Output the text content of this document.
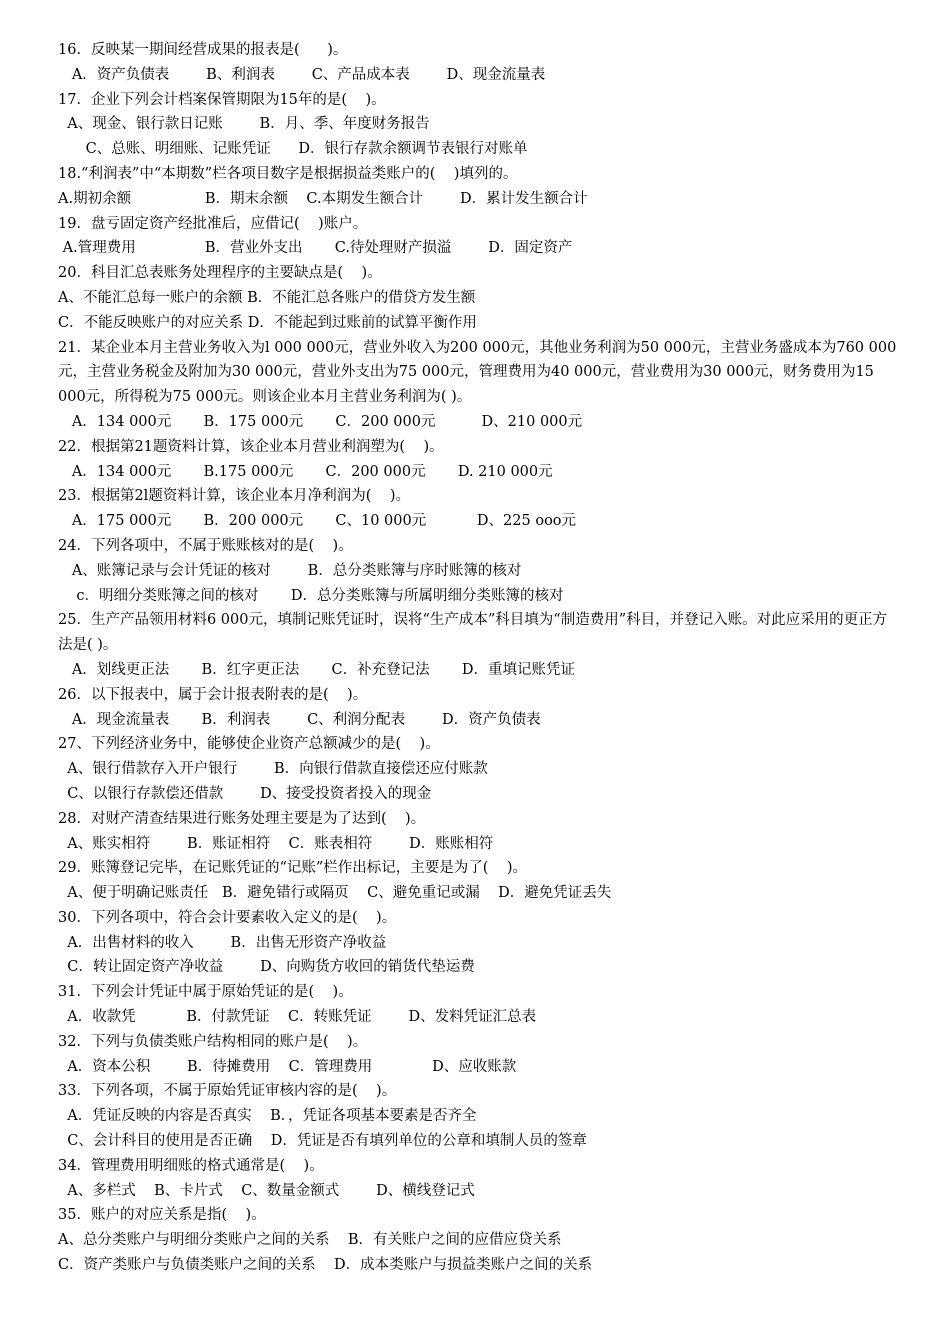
16．反映某一期间经营成果的报表是(      )。
A．资产负债表        B、利润表        C、产品成本表        D、现金流量表
17．企业下列会计档案保管期限为15年的是(    )。
A、现金、银行款日记账        B．月、季、年度财务报告
C、总账、明细账、记账凭证      D．银行存款余额调节表银行对账单
18.“利润表”中“本期数”栏各项目数字是根据损益类账户的(    )填列的。
A.期初余额                B．期末余额    C.本期发生额合计        D．累计发生额合计
19．盘亏固定资产经批准后，应借记(    )账户。
A.管理费用               B．营业外支出       C.待处理财产损溢        D．固定资产
20．科目汇总表账务处理程序的主要缺点是(    )。
A、不能汇总每一账户的余额 B．不能汇总各账户的借贷方发生额
C．不能反映账户的对应关系 D．不能起到过账前的试算平衡作用
21．某企业本月主营业务收入为l 000 000元，营业外收入为200 000元，其他业务利润为50 000元，主营业务盛成本为760 000元，主营业务税金及附加为30 000元，营业外支出为75 000元，管理费用为40 000元，营业费用为30 000元，财务费用为15 000元，所得税为75 000元。则该企业本月主营业务利润为( )。
A．134 000元       B．175 000元       C．200 000元          D、210 000元
22．根据第21题资料计算，该企业本月营业利润塑为(    )。
A．134 000元       B.175 000元       C．200 000元       D. 210 000元
23．根据第2l题资料计算，该企业本月净利润为(    )。
A．175 000元       B．200 000元       C、10 000元           D、225 ooo元
24．下列各项中，不属于账账核对的是(    )。
A、账簿记录与会计凭证的核对        B．总分类账簿与序时账簿的核对
c．明细分类账簿之间的核对       D．总分类账簿与所属明细分类账簿的核对
25．生产产品领用材料6 000元，填制记账凭证时，误将“生产成本”科目填为“制造费用”科目，并登记入账。对此应采用的更正方法是( )。
A．划线更正法       B．红字更正法       C．补充登记法       D．重填记账凭证
26．以下报表中，属于会计报表附表的是(    )。
A．现金流量表       B．利润表        C、利润分配表        D．资产负债表
27、下列经济业务中，能够使企业资产总额减少的是(    )。
A、银行借款存入开户银行        B．向银行借款直接偿还应付账款
C、以银行存款偿还借款        D、接受投资者投入的现金
28．对财产清查结果进行账务处理主要是为了达到(    )。
A、账实相符        B．账证相符    C．账表相符        D．账账相符
29．账簿登记完毕，在记账凭证的“记账”栏作出标记，主要是为了(    )。
A、便于明确记账责任   B．避免错行或隔页    C、避免重记或漏    D．避免凭证丢失
30．下列各项中，符合会计要素收入定义的是(    )。
A．出售材料的收入        B．出售无形资产净收益
C．转让固定资产净收益        D、向购货方收回的销货代垫运费
31．下列会计凭证中属于原始凭证的是(    )。
A．收款凭           B．付款凭证    C．转账凭证        D、发料凭证汇总表
32．下列与负债类账户结构相同的账户是(    )。
A．资本公积        B．待摊费用    C．管理费用             D、应收账款
33．下列各项，不属于原始凭证审核内容的是(    )。
A．凭证反映的内容是否真实    B．，凭证各项基本要素是否齐全
C、会计科目的使用是否正确    D．凭证是否有填列单位的公章和填制人员的签章
34．管理费用明细账的格式通常是(    )。
A、多栏式    B、卡片式    C、数量金额式        D、横线登记式
35．账户的对应关系是指(    )。
A、总分类账户与明细分类账户之间的关系    B．有关账户之间的应借应贷关系
C．资产类账户与负债类账户之间的关系    D．成本类账户与损益类账户之间的关系
